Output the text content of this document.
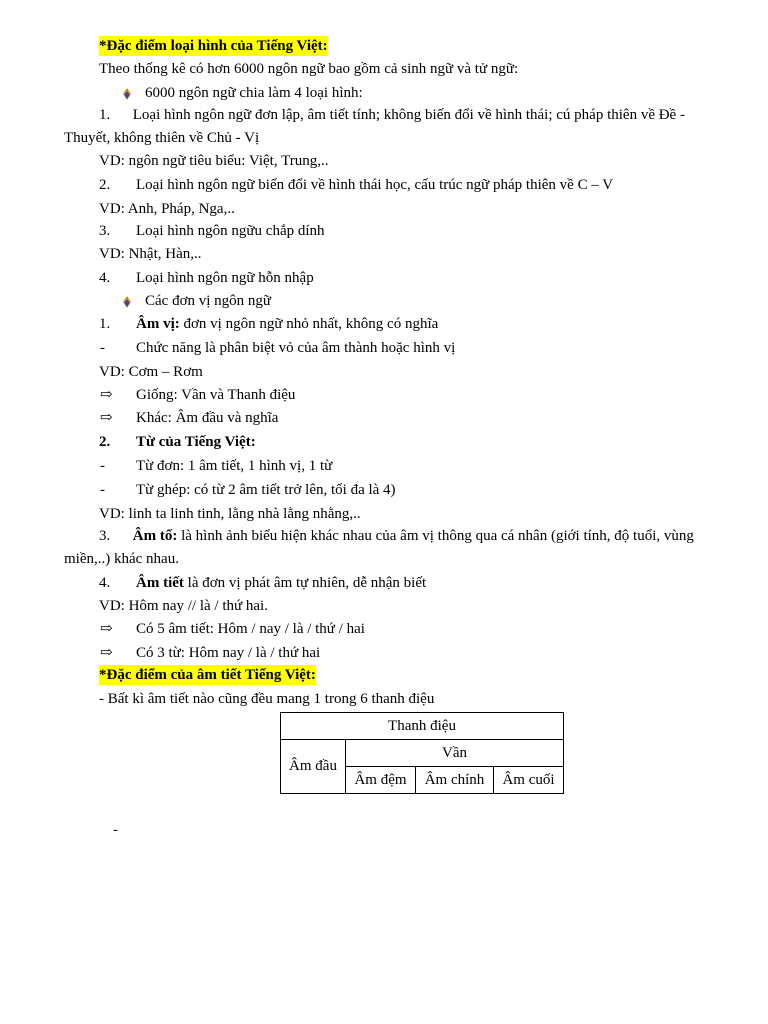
*Đặc điểm loại hình của Tiếng Việt:
Theo thống kê có hơn 6000 ngôn ngữ bao gồm cả sinh ngữ và tử ngữ:
6000 ngôn ngữ chia làm 4 loại hình:
1. Loại hình ngôn ngữ đơn lập, âm tiết tính; không biến đổi về hình thái; cú pháp thiên về Đề - Thuyết, không thiên về Chủ - Vị
VD: ngôn ngữ tiêu biểu: Việt, Trung,..
2. Loại hình ngôn ngữ biến đổi về hình thái học, cấu trúc ngữ pháp thiên về C – V
VD: Anh, Pháp, Nga,..
3. Loại hình ngôn ngữu chắp dính
VD: Nhật, Hàn,..
4. Loại hình ngôn ngữ hỗn nhập
Các đơn vị ngôn ngữ
1. Âm vị: đơn vị ngôn ngữ nhỏ nhất, không có nghĩa
- Chức năng là phân biệt vỏ của âm thành hoặc hình vị
VD: Cơm – Rơm
⇨ Giống: Vần và Thanh điệu
⇨ Khác: Âm đầu và nghĩa
2. Từ của Tiếng Việt:
- Từ đơn: 1 âm tiết, 1 hình vị, 1 từ
- Từ ghép: có từ 2 âm tiết trở lên, tối đa là 4)
VD: linh ta linh tinh, lằng nhà lằng nhằng,..
3. Âm tố: là hình ảnh biểu hiện khác nhau của âm vị thông qua cá nhân (giới tính, độ tuổi, vùng miền,..) khác nhau.
4. Âm tiết là đơn vị phát âm tự nhiên, dễ nhận biết
VD: Hôm nay // là / thứ hai.
⇨ Có 5 âm tiết: Hôm / nay / là / thứ / hai
⇨ Có 3 từ: Hôm nay / là / thứ hai
*Đặc điểm của âm tiết Tiếng Việt:
- Bất kì âm tiết nào cũng đều mang 1 trong 6 thanh điệu
Thanh điệu			
Âm đầu	Vần		
	Âm đệm	Âm chính	Âm cuối
-
